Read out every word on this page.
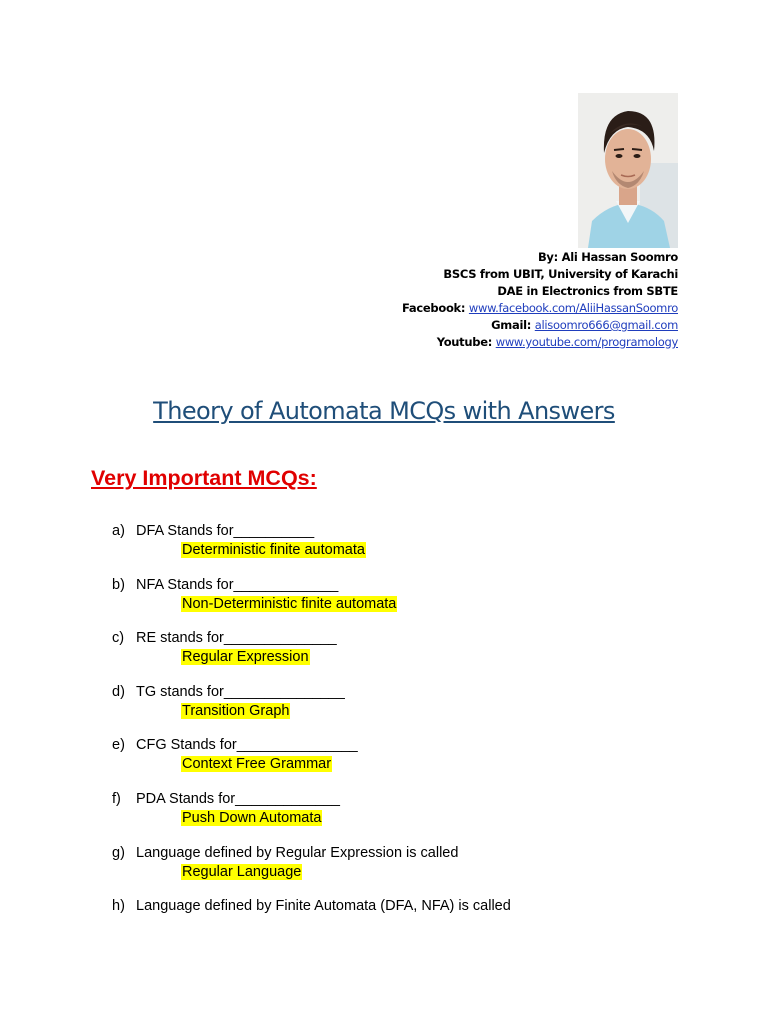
By: Ali Hassan Soomro
BSCS from UBIT, University of Karachi
DAE in Electronics from SBTE
Facebook: www.facebook.com/AliiHassanSoomro
Gmail: alisoomro666@gmail.com
Youtube: www.youtube.com/programology
Theory of Automata MCQs with Answers
Very Important MCQs:
a) DFA Stands for__________
Deterministic finite automata
b) NFA Stands for_____________
Non-Deterministic finite automata
c) RE stands for______________
Regular Expression
d) TG stands for_______________
Transition Graph
e) CFG Stands for_______________
Context Free Grammar
f) PDA Stands for_____________
Push Down Automata
g) Language defined by Regular Expression is called
Regular Language
h) Language defined by Finite Automata (DFA, NFA) is called
